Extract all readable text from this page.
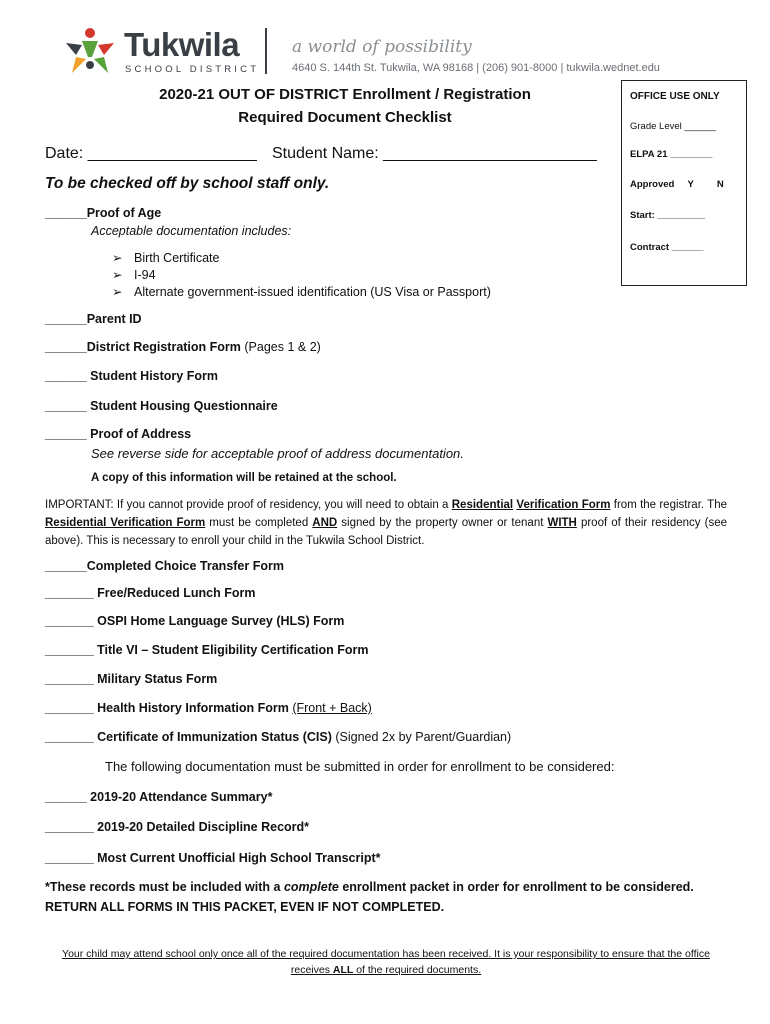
Tukwila
SCHOOL DISTRICT
a world of possibility
4640 S. 144th St. Tukwila, WA 98168 | (206) 901-8000 | tukwila.wednet.edu
2020-21 OUT OF DISTRICT Enrollment / Registration
Required Document Checklist
OFFICE USE ONLY
Grade Level ______
ELPA 21 ________
Approved Y N
Start: _________
Contract ______
Date: ___________________ Student Name: ________________________
To be checked off by school staff only.
______Proof of Age
Acceptable documentation includes:
➢ Birth Certificate
➢ I-94
➢ Alternate government-issued identification (US Visa or Passport)
______Parent ID
______District Registration Form (Pages 1 & 2)
______ Student History Form
______ Student Housing Questionnaire
______ Proof of Address
See reverse side for acceptable proof of address documentation.
A copy of this information will be retained at the school.
IMPORTANT: If you cannot provide proof of residency, you will need to obtain a Residential Verification Form from the registrar. The Residential Verification Form must be completed AND signed by the property owner or tenant WITH proof of their residency (see above). This is necessary to enroll your child in the Tukwila School District.
______Completed Choice Transfer Form
_______ Free/Reduced Lunch Form
_______ OSPI Home Language Survey (HLS) Form
_______ Title VI – Student Eligibility Certification Form
_______ Military Status Form
_______ Health History Information Form (Front + Back)
_______ Certificate of Immunization Status (CIS) (Signed 2x by Parent/Guardian)
The following documentation must be submitted in order for enrollment to be considered:
______ 2019-20 Attendance Summary*
_______ 2019-20 Detailed Discipline Record*
_______ Most Current Unofficial High School Transcript*
*These records must be included with a complete enrollment packet in order for enrollment to be considered. RETURN ALL FORMS IN THIS PACKET, EVEN IF NOT COMPLETED.
Your child may attend school only once all of the required documentation has been received. It is your responsibility to ensure that the office receives ALL of the required documents.
